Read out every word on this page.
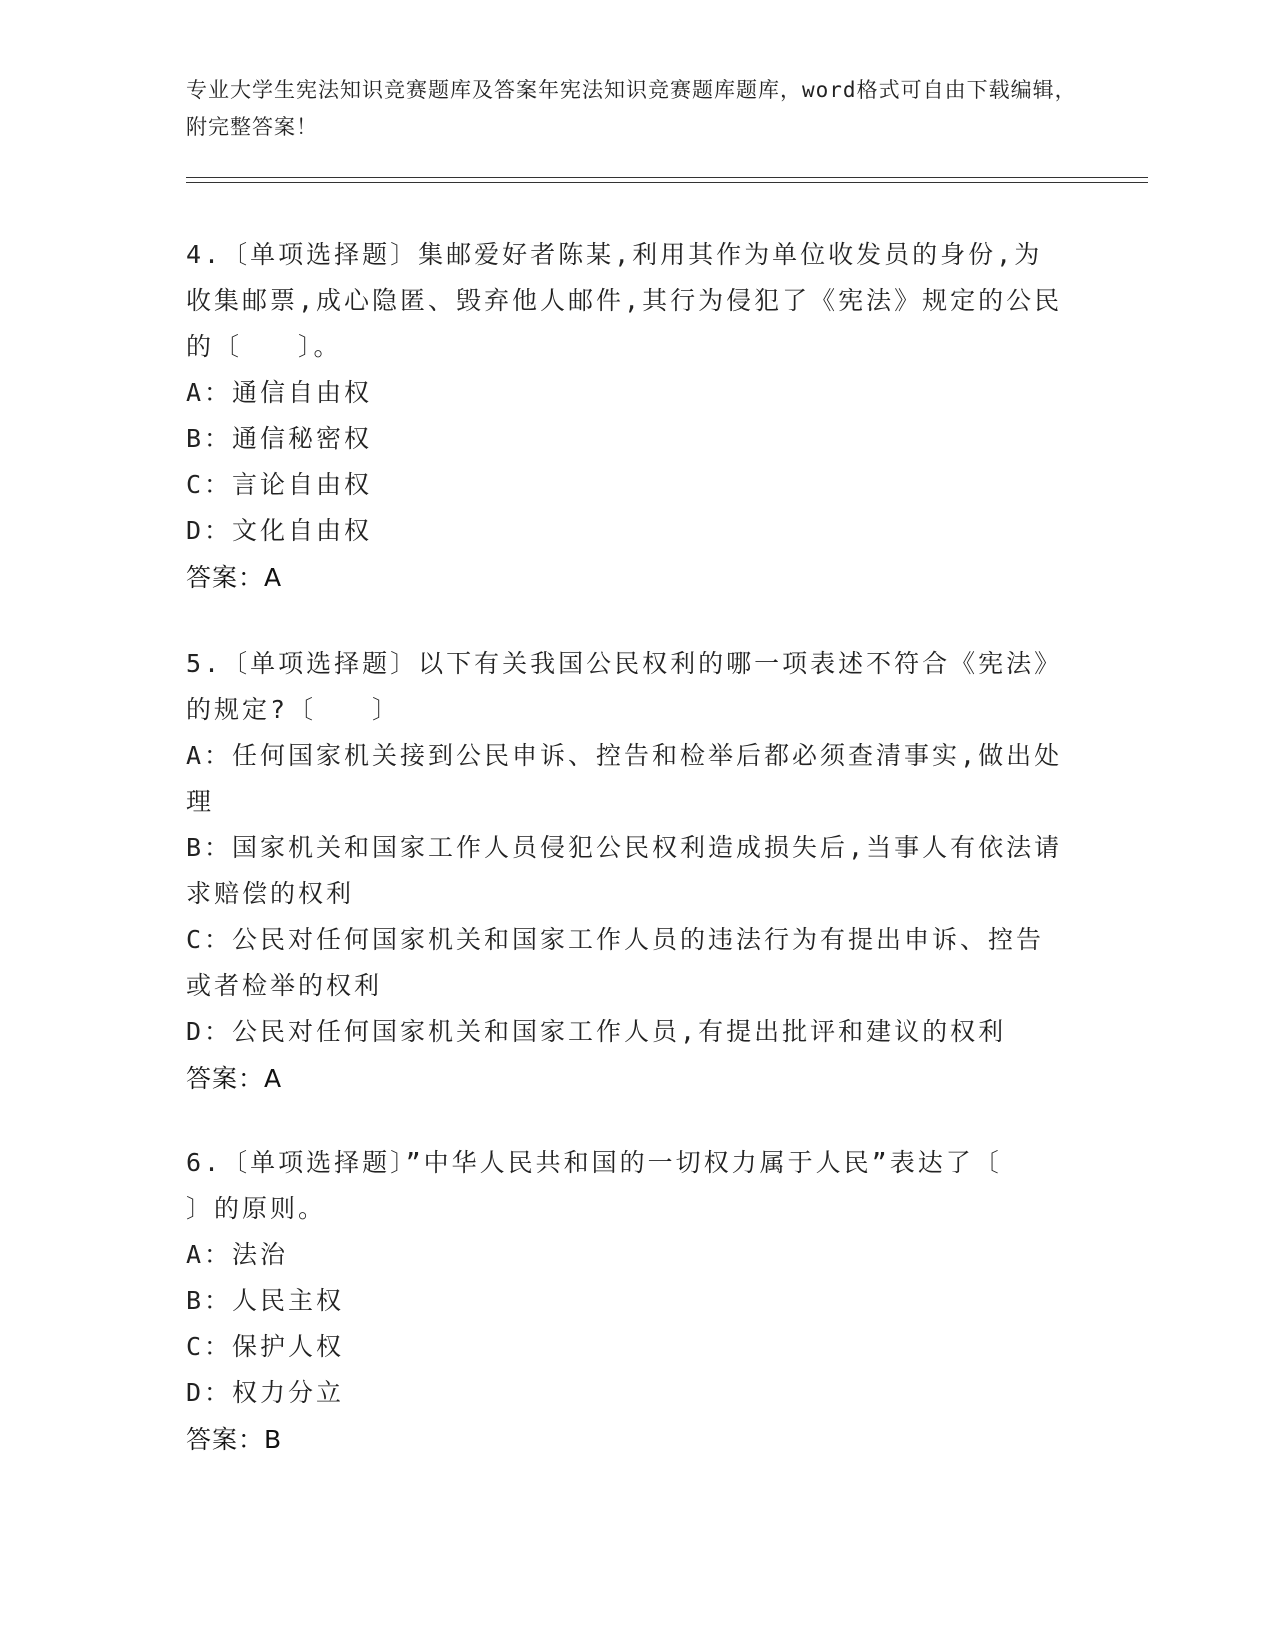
专业大学生宪法知识竞赛题库及答案年宪法知识竞赛题库题库，word格式可自由下载编辑，附完整答案！

4.〔单项选择题〕集邮爱好者陈某,利用其作为单位收发员的身份,为收集邮票,成心隐匿、毁弃他人邮件,其行为侵犯了《宪法》规定的公民的〔　　〕。

A：通信自由权

B：通信秘密权

C：言论自由权

D：文化自由权

答案：A

5.〔单项选择题〕以下有关我国公民权利的哪一项表述不符合《宪法》的规定?〔　　〕

A：任何国家机关接到公民申诉、控告和检举后都必须查清事实,做出处理

B：国家机关和国家工作人员侵犯公民权利造成损失后,当事人有依法请求赔偿的权利

C：公民对任何国家机关和国家工作人员的违法行为有提出申诉、控告或者检举的权利

D：公民对任何国家机关和国家工作人员,有提出批评和建议的权利

答案：A

6.〔单项选择题〕”中华人民共和国的一切权力属于人民”表达了〔　　〕的原则。

A：法治

B：人民主权

C：保护人权

D：权力分立

答案：B
